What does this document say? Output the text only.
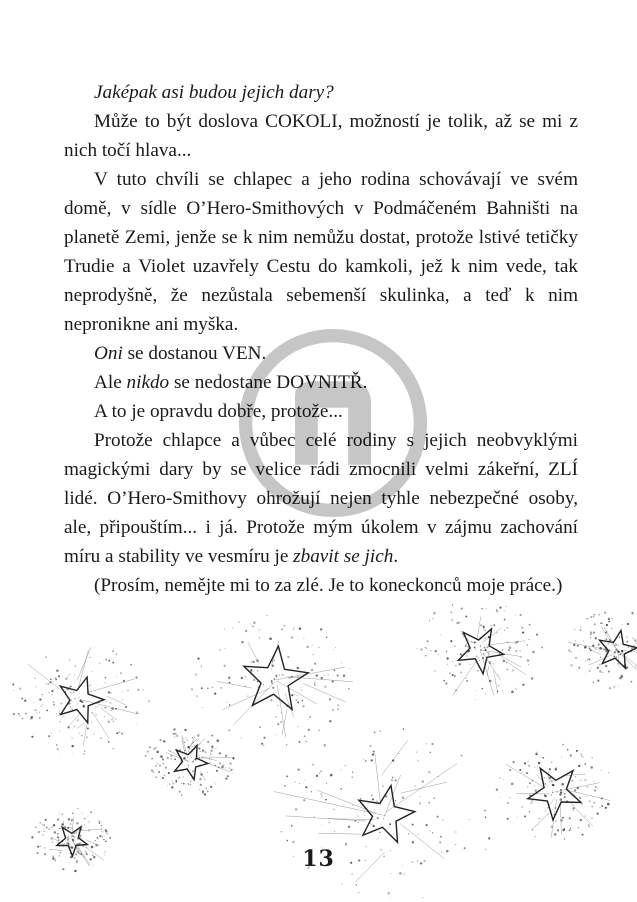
Jaképak asi budou jejich dary?

Může to být doslova COKOLI, možností je tolik, až se mi z nich točí hlava...

V tuto chvíli se chlapec a jeho rodina schovávají ve svém domě, v sídle O’Hero-Smithových v Podmáčeném Bahništi na planetě Zemi, jenže se k nim nemůžu dostat, protože lstivé tetičky Trudie a Violet uzavřely Cestu do kamkoli, jež k nim vede, tak neprodyšně, že nezůstala sebemenší skulinka, a teď k nim nepronikne ani myška.

Oni se dostanou VEN.

Ale nikdo se nedostane DOVNITŘ.

A to je opravdu dobře, protože...

Protože chlapce a vůbec celé rodiny s jejich neobvyklými magickými dary by se velice rádi zmocnili velmi zákeřní, ZLÍ lidé. O’Hero-Smithovy ohrožují nejen tyhle nebezpečné osoby, ale, připouštím... i já. Protože mým úkolem v zájmu zachování míru a stability ve vesmíru je zbavit se jich.

(Prosím, nemějte mi to za zlé. Je to koneckonců moje práce.)

13
